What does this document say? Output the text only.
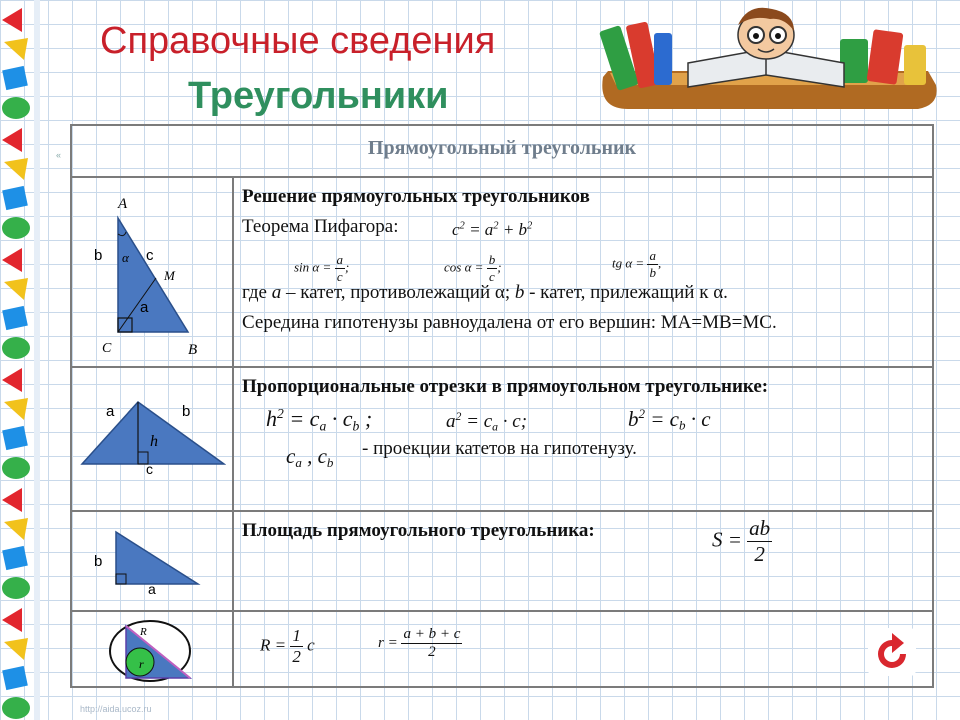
Справочные сведения
Треугольники
«	Прямоугольный треугольник
A
B
C
M
b	c
a
α
Решение прямоугольных треугольников
Теорема Пифагора:	$c^2 = a^2 + b^2$
$\sin \alpha = \frac{a}{c}$ ;	$\cos \alpha = \frac{b}{c}$ ;	tg $\alpha = \frac{a}{b}$ ,
где a – катет, противолежащий α; b - катет, прилежащий к α.
Середина гипотенузы равноудалена от его вершин: MA=MB=MC.
a	b
h
c
Пропорциональные отрезки в прямоугольном треугольнике:
$h^2 = c_a \cdot c_b$ ;	$a^2 = c_a \cdot c$;	$b^2 = c_b \cdot c$
$c_a$ , $c_b$
- проекции катетов на гипотенузу.
b
a
Площадь прямоугольного треугольника:	$S = \frac{ab}{2}$
R
r
$R = \frac{1}{2}$ c	$r = \frac{a + b + c}{2}$
http://aida.ucoz.ru
